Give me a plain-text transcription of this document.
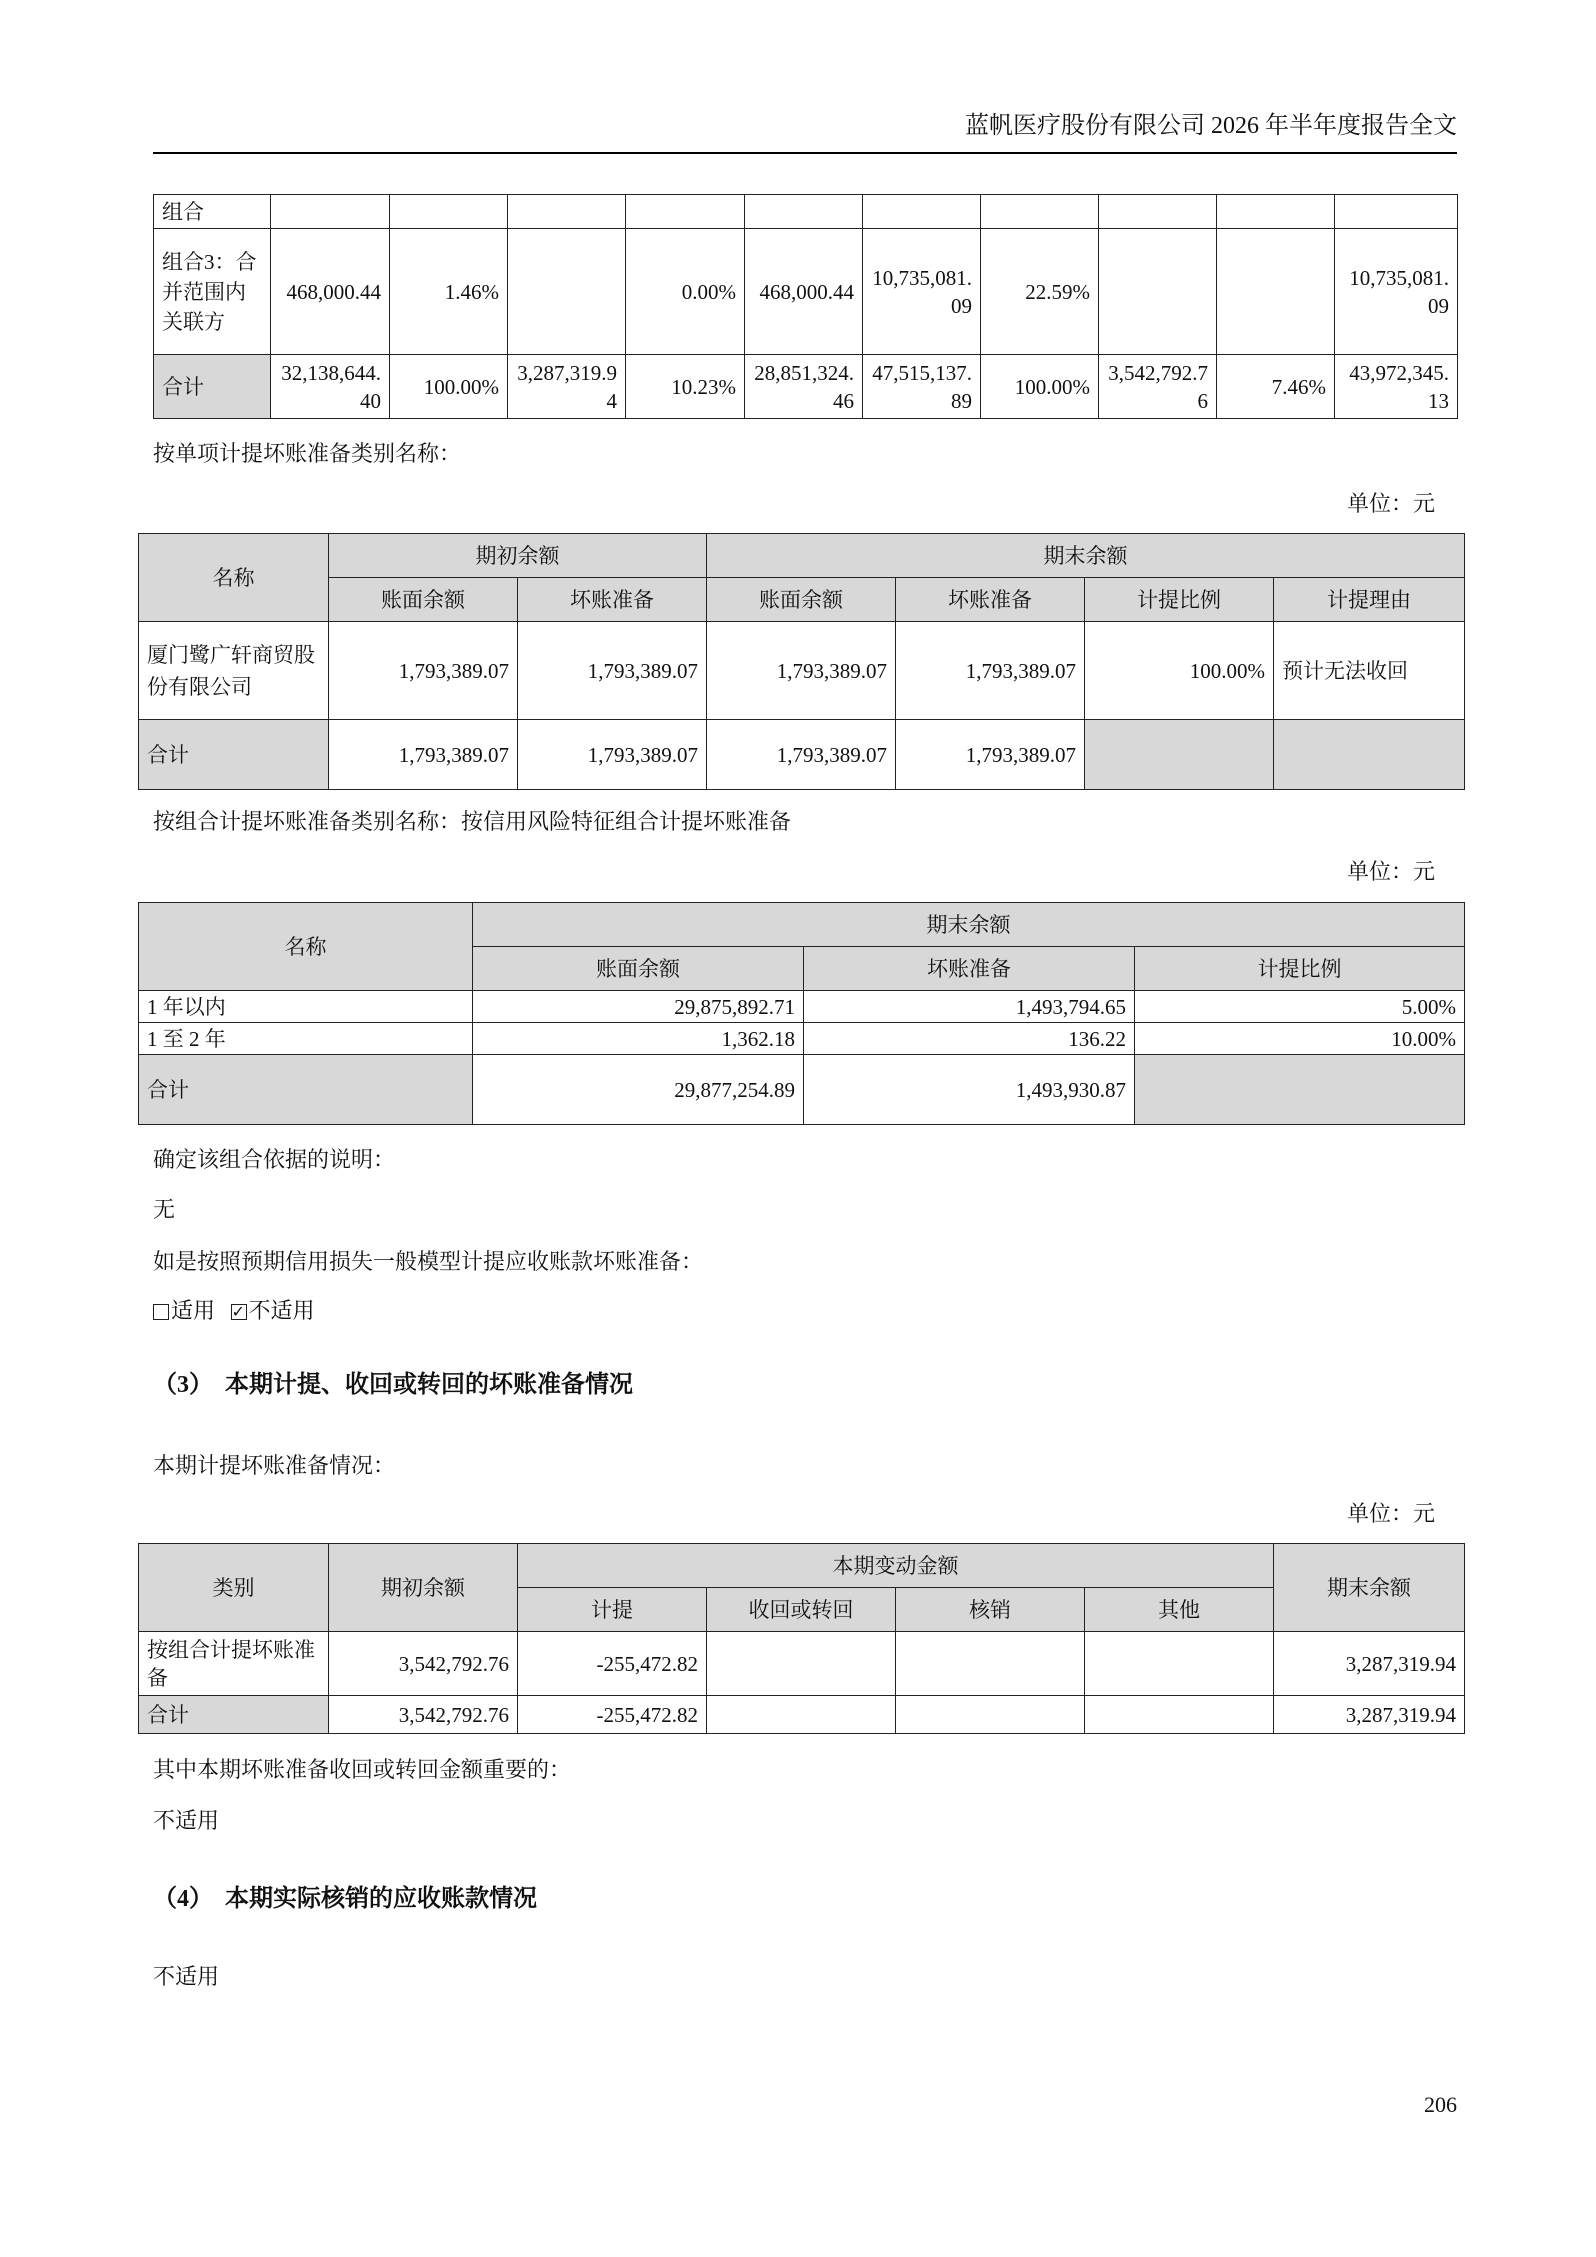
蓝帆医疗股份有限公司 2026 年半年度报告全文
组合										
组合3：合并范围内关联方	468,000.44	1.46%		0.00%	468,000.44	10,735,081.09	22.59%			10,735,081.09
合计	32,138,644.40	100.00%	3,287,319.94	10.23%	28,851,324.46	47,515,137.89	100.00%	3,542,792.76	7.46%	43,972,345.13
按单项计提坏账准备类别名称：
单位：元
名称	期初余额		期末余额			
	账面余额	坏账准备	账面余额	坏账准备	计提比例	计提理由
厦门鹭广轩商贸股份有限公司	1,793,389.07	1,793,389.07	1,793,389.07	1,793,389.07	100.00%	预计无法收回
合计	1,793,389.07	1,793,389.07	1,793,389.07	1,793,389.07		
按组合计提坏账准备类别名称：按信用风险特征组合计提坏账准备
单位：元
名称	期末余额		
	账面余额	坏账准备	计提比例
1 年以内	29,875,892.71	1,493,794.65	5.00%
1 至 2 年	1,362.18	136.22	10.00%
合计	29,877,254.89	1,493,930.87	
确定该组合依据的说明：
无
如是按照预期信用损失一般模型计提应收账款坏账准备：
适用 ✓ 不适用
（3） 本期计提、收回或转回的坏账准备情况
本期计提坏账准备情况：
单位：元
类别	期初余额	本期变动金额				期末余额
		计提	收回或转回	核销	其他	
按组合计提坏账准备	3,542,792.76	-255,472.82				3,287,319.94
合计	3,542,792.76	-255,472.82				3,287,319.94
其中本期坏账准备收回或转回金额重要的：
不适用
（4） 本期实际核销的应收账款情况
不适用
206
